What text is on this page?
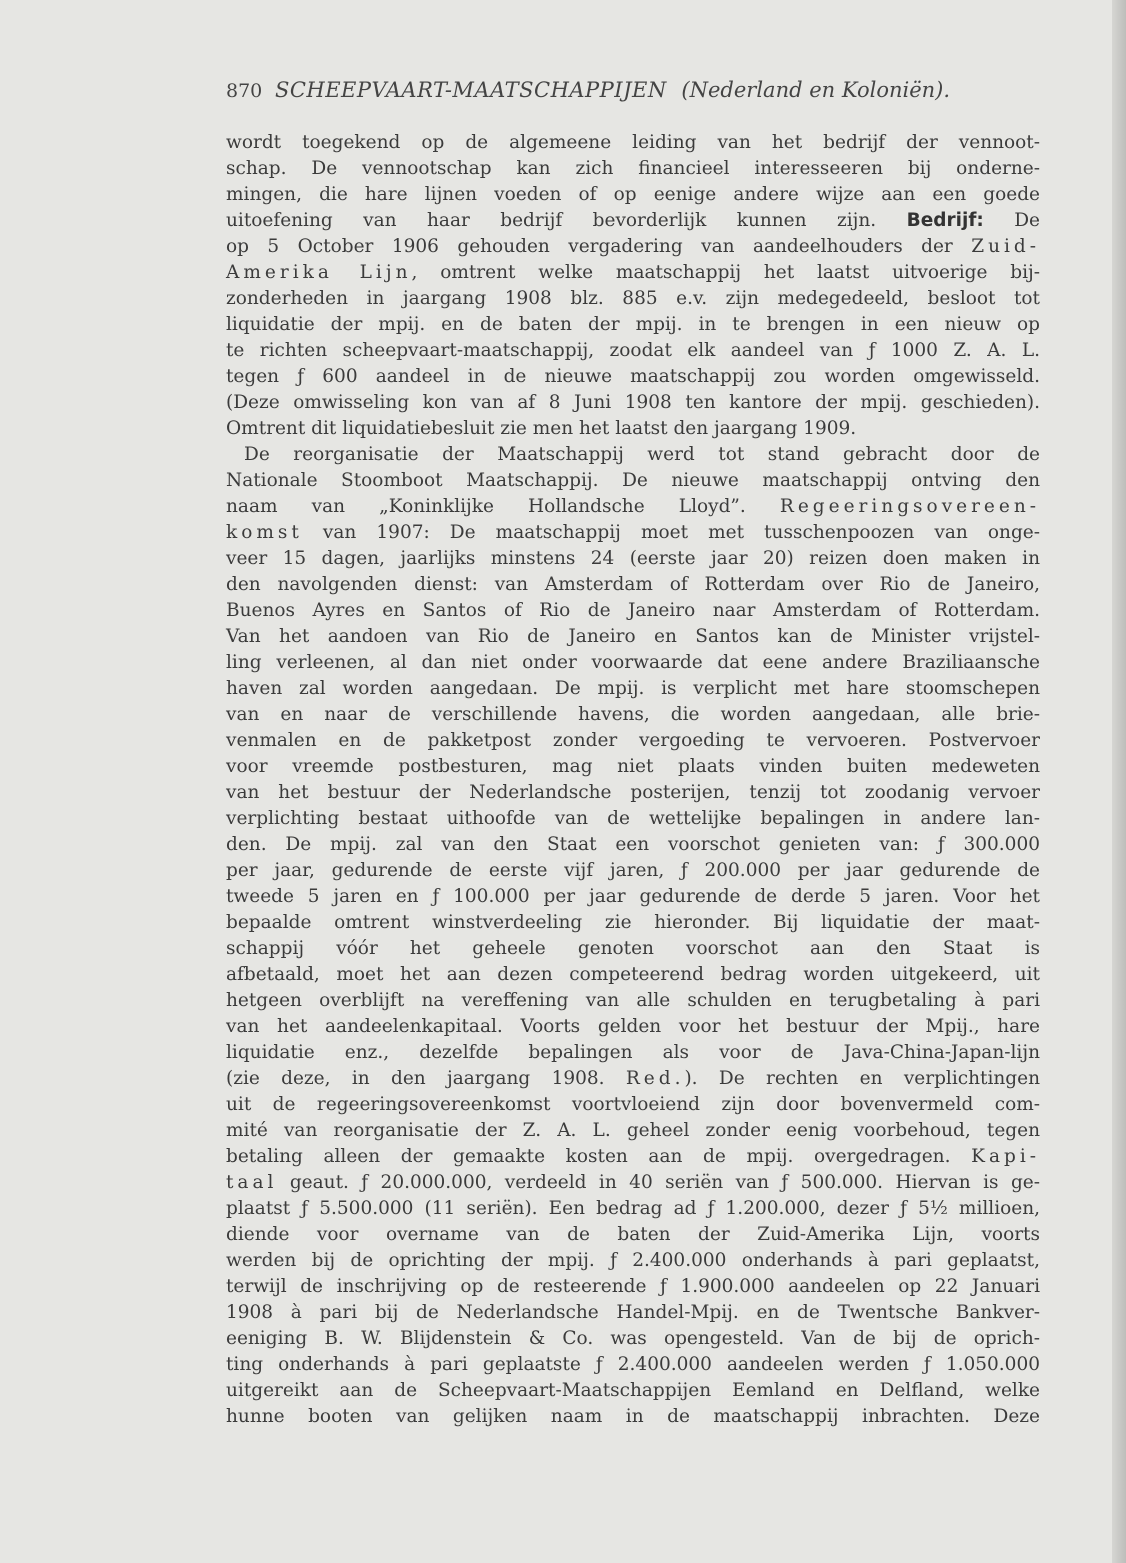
870 SCHEEPVAART-MAATSCHAPPIJEN (Nederland en Koloniën).
wordt toegekend op de algemeene leiding van het bedrijf der vennoot-
schap. De vennootschap kan zich financieel interesseeren bij onderne-
mingen, die hare lijnen voeden of op eenige andere wijze aan een goede
uitoefening van haar bedrijf bevorderlijk kunnen zijn. Bedrijf: De
op 5 October 1906 gehouden vergadering van aandeelhouders der Zuid-
Amerika Lijn, omtrent welke maatschappij het laatst uitvoerige bij-
zonderheden in jaargang 1908 blz. 885 e.v. zijn medegedeeld, besloot tot
liquidatie der mpij. en de baten der mpij. in te brengen in een nieuw op
te richten scheepvaart-maatschappij, zoodat elk aandeel van ƒ 1000 Z. A. L.
tegen ƒ 600 aandeel in de nieuwe maatschappij zou worden omgewisseld.
(Deze omwisseling kon van af 8 Juni 1908 ten kantore der mpij. geschieden).
Omtrent dit liquidatiebesluit zie men het laatst den jaargang 1909.
De reorganisatie der Maatschappij werd tot stand gebracht door de
Nationale Stoomboot Maatschappij. De nieuwe maatschappij ontving den
naam van „Koninklijke Hollandsche Lloyd”. Regeeringsovereen-
komst van 1907: De maatschappij moet met tusschenpoozen van onge-
veer 15 dagen, jaarlijks minstens 24 (eerste jaar 20) reizen doen maken in
den navolgenden dienst: van Amsterdam of Rotterdam over Rio de Janeiro,
Buenos Ayres en Santos of Rio de Janeiro naar Amsterdam of Rotterdam.
Van het aandoen van Rio de Janeiro en Santos kan de Minister vrijstel-
ling verleenen, al dan niet onder voorwaarde dat eene andere Braziliaansche
haven zal worden aangedaan. De mpij. is verplicht met hare stoomschepen
van en naar de verschillende havens, die worden aangedaan, alle brie-
venmalen en de pakketpost zonder vergoeding te vervoeren. Postvervoer
voor vreemde postbesturen, mag niet plaats vinden buiten medeweten
van het bestuur der Nederlandsche posterijen, tenzij tot zoodanig vervoer
verplichting bestaat uithoofde van de wettelijke bepalingen in andere lan-
den. De mpij. zal van den Staat een voorschot genieten van: ƒ 300.000
per jaar, gedurende de eerste vijf jaren, ƒ 200.000 per jaar gedurende de
tweede 5 jaren en ƒ 100.000 per jaar gedurende de derde 5 jaren. Voor het
bepaalde omtrent winstverdeeling zie hieronder. Bij liquidatie der maat-
schappij vóór het geheele genoten voorschot aan den Staat is
afbetaald, moet het aan dezen competeerend bedrag worden uitgekeerd, uit
hetgeen overblijft na vereffening van alle schulden en terugbetaling à pari
van het aandeelenkapitaal. Voorts gelden voor het bestuur der Mpij., hare
liquidatie enz., dezelfde bepalingen als voor de Java-China-Japan-lijn
(zie deze, in den jaargang 1908. Red.). De rechten en verplichtingen
uit de regeeringsovereenkomst voortvloeiend zijn door bovenvermeld com-
mité van reorganisatie der Z. A. L. geheel zonder eenig voorbehoud, tegen
betaling alleen der gemaakte kosten aan de mpij. overgedragen. Kapi-
taal geaut. ƒ 20.000.000, verdeeld in 40 seriën van ƒ 500.000. Hiervan is ge-
plaatst ƒ 5.500.000 (11 seriën). Een bedrag ad ƒ 1.200.000, dezer ƒ 5½ millioen,
diende voor overname van de baten der Zuid-Amerika Lijn, voorts
werden bij de oprichting der mpij. ƒ 2.400.000 onderhands à pari geplaatst,
terwijl de inschrijving op de resteerende ƒ 1.900.000 aandeelen op 22 Januari
1908 à pari bij de Nederlandsche Handel-Mpij. en de Twentsche Bankver-
eeniging B. W. Blijdenstein & Co. was opengesteld. Van de bij de oprich-
ting onderhands à pari geplaatste ƒ 2.400.000 aandeelen werden ƒ 1.050.000
uitgereikt aan de Scheepvaart-Maatschappijen Eemland en Delfland, welke
hunne booten van gelijken naam in de maatschappij inbrachten. Deze
